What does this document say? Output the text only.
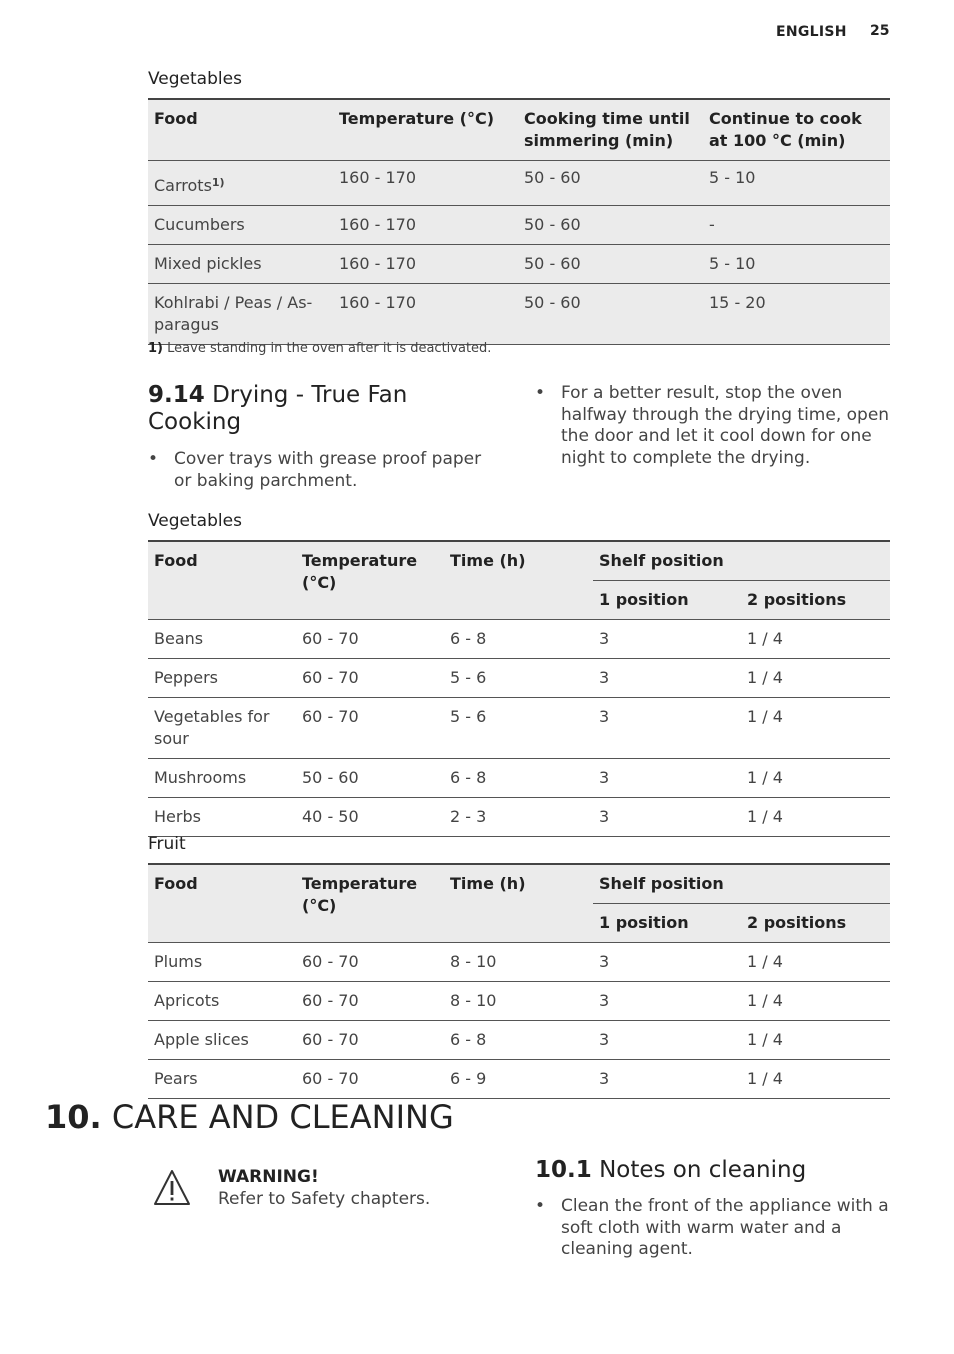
ENGLISH 25
Vegetables
Food	Temperature (°C)	Cooking time until simmering (min)	Continue to cook at 100 °C (min)
Carrots$^{1)}$	160 - 170	50 - 60	5 - 10
Cucumbers	160 - 170	50 - 60	-
Mixed pickles	160 - 170	50 - 60	5 - 10
Kohlrabi / Peas / As-paragus	160 - 170	50 - 60	15 - 20
1) Leave standing in the oven after it is deactivated.
9.14 Drying - True Fan Cooking
• Cover trays with grease proof paper or baking parchment.
• For a better result, stop the oven halfway through the drying time, open the door and let it cool down for one night to complete the drying.
Vegetables
Food	Temperature (°C)	Time (h)	Shelf position	
			1 position	2 positions
Beans	60 - 70	6 - 8	3	1 / 4
Peppers	60 - 70	5 - 6	3	1 / 4
Vegetables for sour	60 - 70	5 - 6	3	1 / 4
Mushrooms	50 - 60	6 - 8	3	1 / 4
Herbs	40 - 50	2 - 3	3	1 / 4
Fruit
Food	Temperature (°C)	Time (h)	Shelf position	
			1 position	2 positions
Plums	60 - 70	8 - 10	3	1 / 4
Apricots	60 - 70	8 - 10	3	1 / 4
Apple slices	60 - 70	6 - 8	3	1 / 4
Pears	60 - 70	6 - 9	3	1 / 4
10. CARE AND CLEANING
WARNING!
Refer to Safety chapters.
10.1 Notes on cleaning
• Clean the front of the appliance with a soft cloth with warm water and a cleaning agent.
